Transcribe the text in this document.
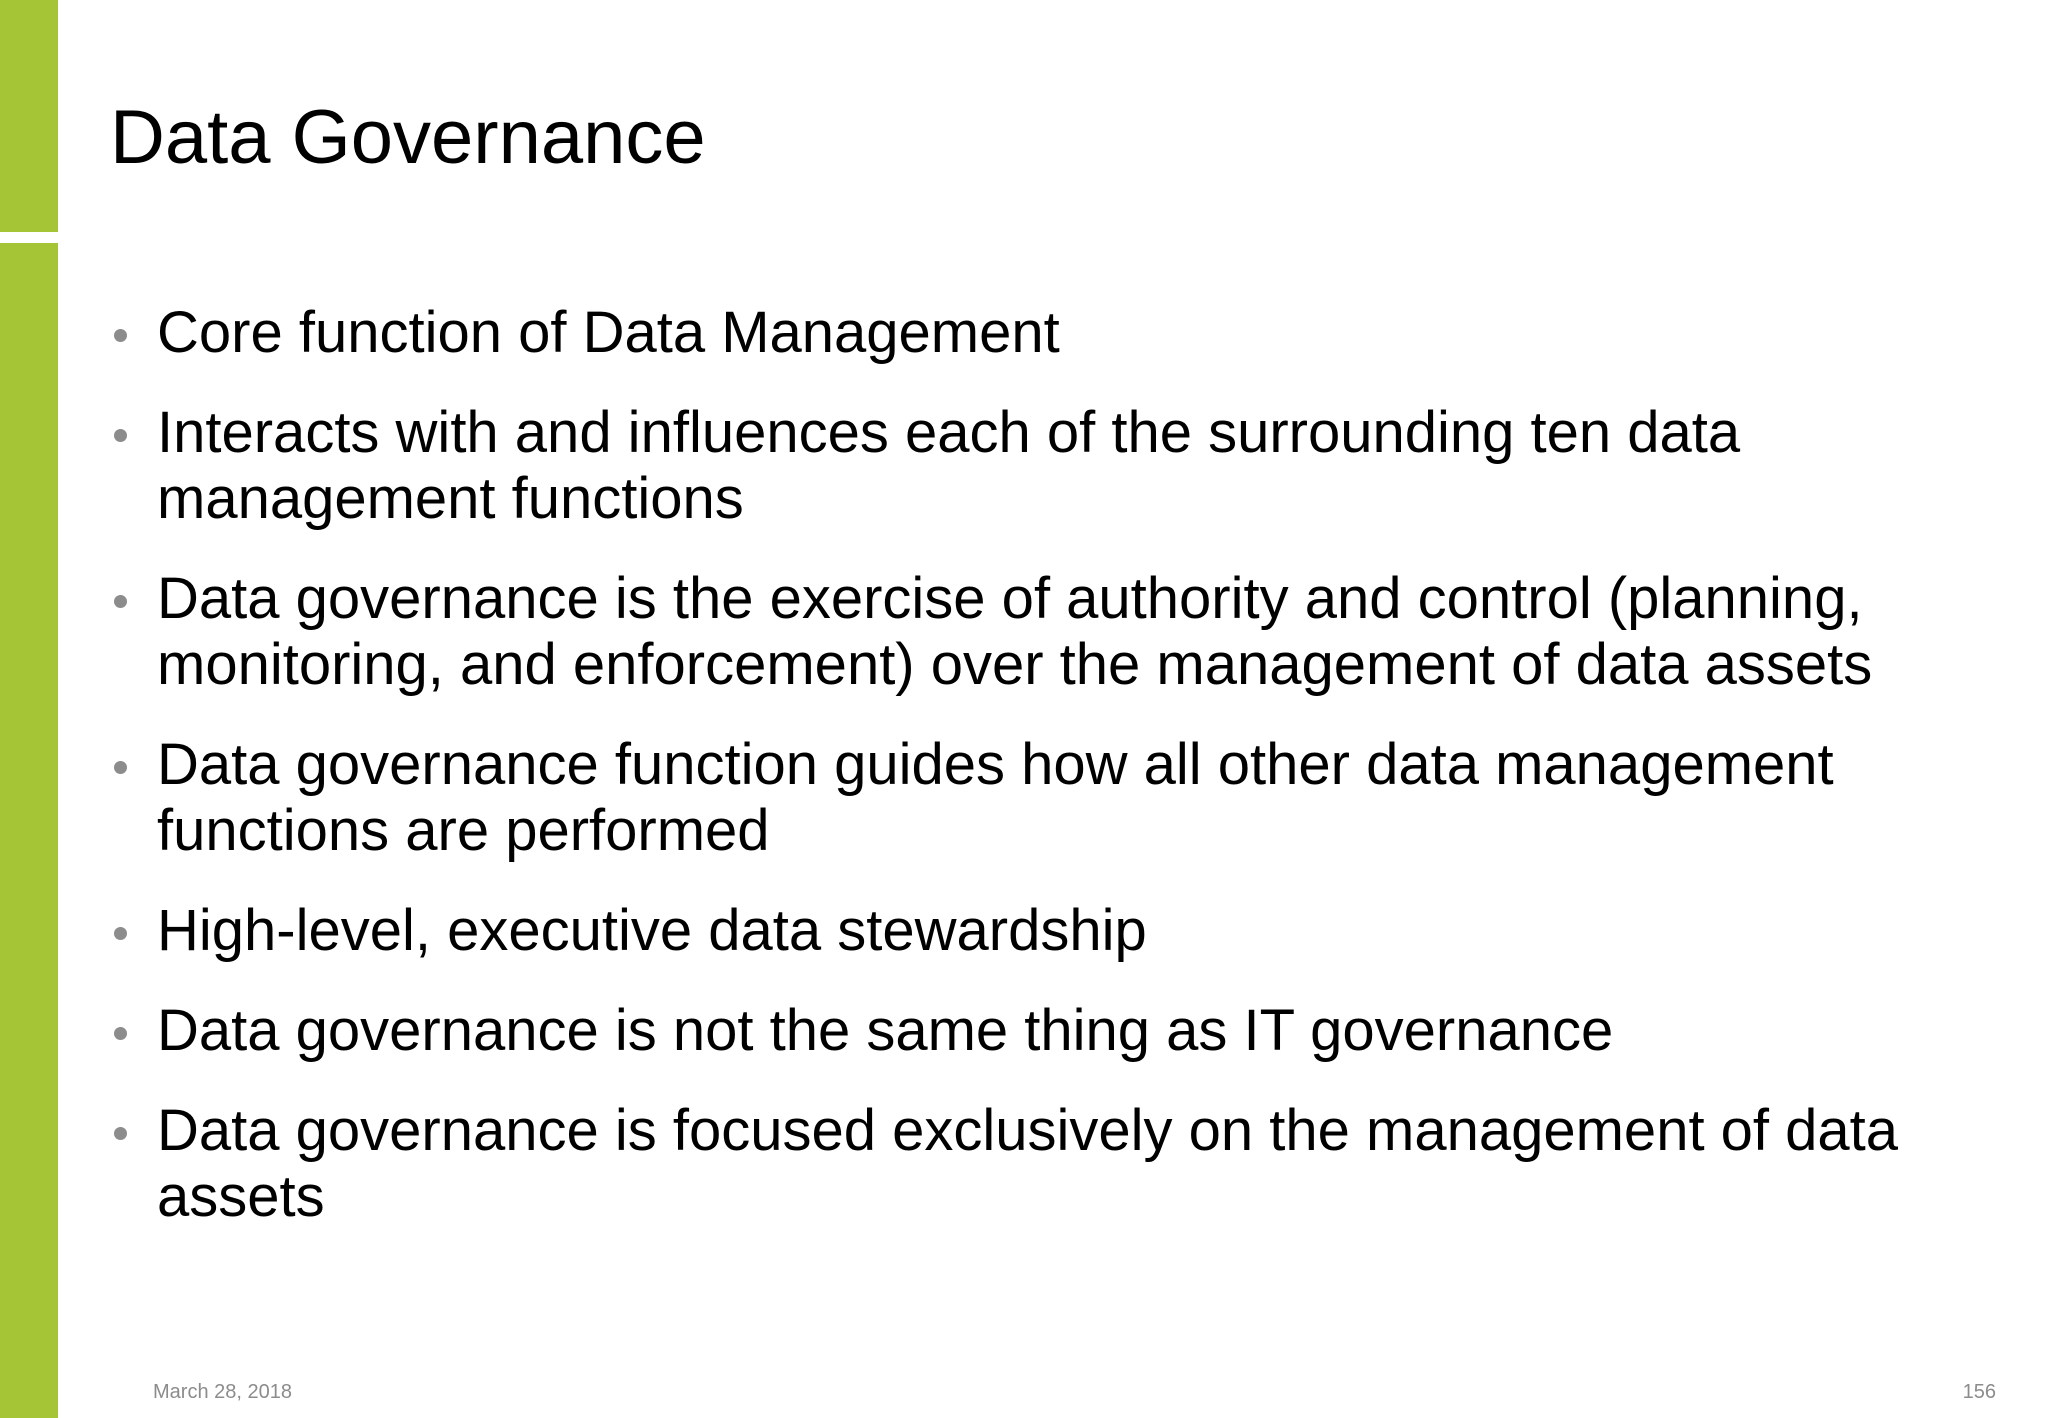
Data Governance
Core function of Data Management
Interacts with and influences each of the surrounding ten data management functions
Data governance is the exercise of authority and control (planning, monitoring, and enforcement) over the management of data assets
Data governance function guides how all other data management functions are performed
High-level, executive data stewardship
Data governance is not the same thing as IT governance
Data governance is focused exclusively on the management of data assets
March 28, 2018	156
